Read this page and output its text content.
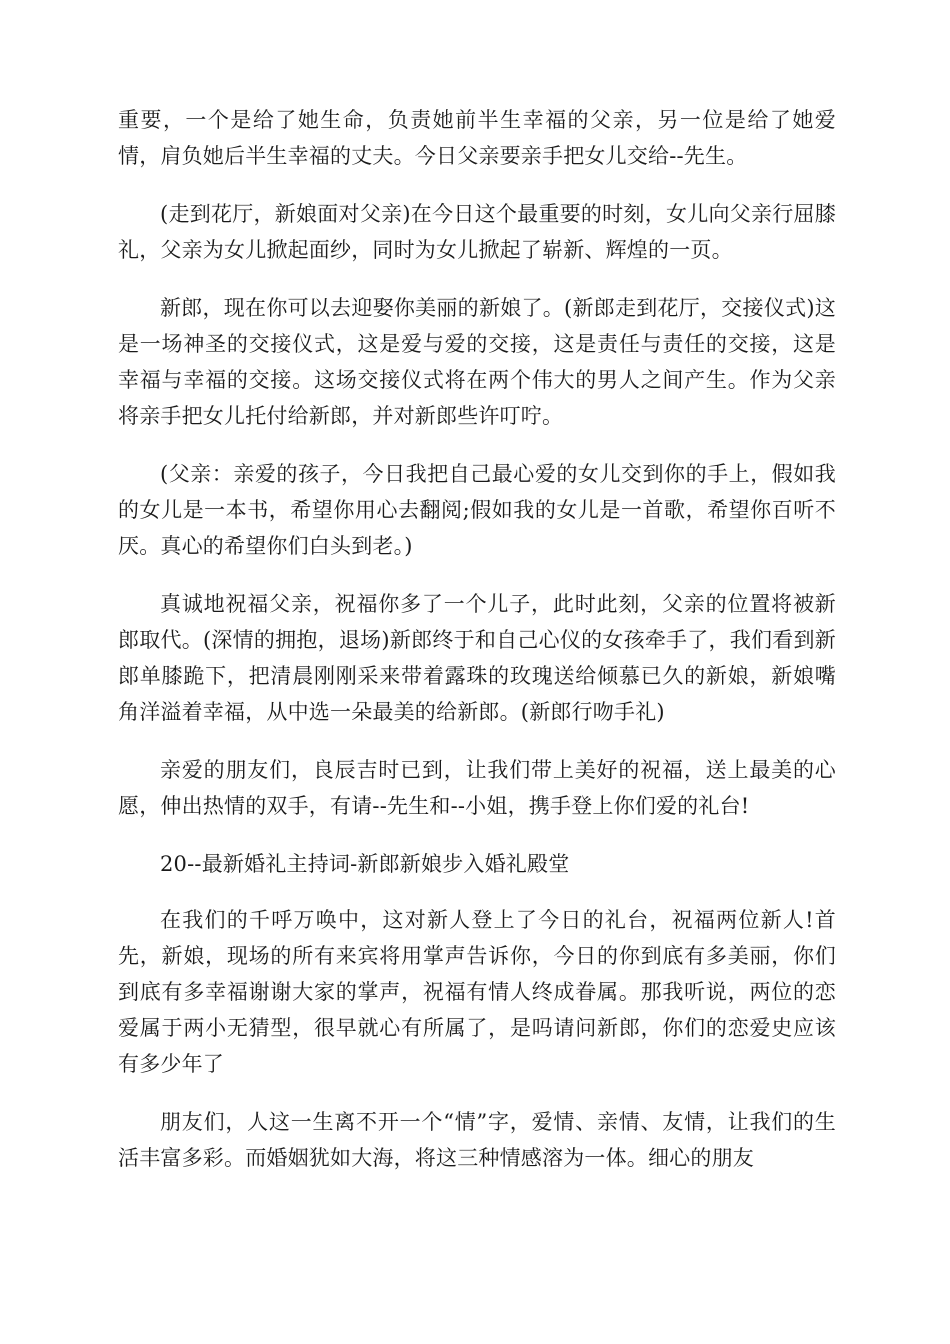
重要，一个是给了她生命，负责她前半生幸福的父亲，另一位是给了她爱情，肩负她后半生幸福的丈夫。今日父亲要亲手把女儿交给--先生。

(走到花厅，新娘面对父亲)在今日这个最重要的时刻，女儿向父亲行屈膝礼，父亲为女儿掀起面纱，同时为女儿掀起了崭新、辉煌的一页。

新郎，现在你可以去迎娶你美丽的新娘了。(新郎走到花厅，交接仪式)这是一场神圣的交接仪式，这是爱与爱的交接，这是责任与责任的交接，这是幸福与幸福的交接。这场交接仪式将在两个伟大的男人之间产生。作为父亲将亲手把女儿托付给新郎，并对新郎些许叮咛。

(父亲：亲爱的孩子，今日我把自己最心爱的女儿交到你的手上，假如我的女儿是一本书，希望你用心去翻阅;假如我的女儿是一首歌，希望你百听不厌。真心的希望你们白头到老。)

真诚地祝福父亲，祝福你多了一个儿子，此时此刻，父亲的位置将被新郎取代。(深情的拥抱，退场)新郎终于和自己心仪的女孩牵手了，我们看到新郎单膝跪下，把清晨刚刚采来带着露珠的玫瑰送给倾慕已久的新娘，新娘嘴角洋溢着幸福，从中选一朵最美的给新郎。(新郎行吻手礼)

亲爱的朋友们，良辰吉时已到，让我们带上美好的祝福，送上最美的心愿，伸出热情的双手，有请--先生和--小姐，携手登上你们爱的礼台!

20--最新婚礼主持词-新郎新娘步入婚礼殿堂

在我们的千呼万唤中，这对新人登上了今日的礼台，祝福两位新人!首先，新娘，现场的所有来宾将用掌声告诉你，今日的你到底有多美丽，你们到底有多幸福谢谢大家的掌声，祝福有情人终成眷属。那我听说，两位的恋爱属于两小无猜型，很早就心有所属了，是吗请问新郎，你们的恋爱史应该有多少年了

朋友们，人这一生离不开一个“情”字，爱情、亲情、友情，让我们的生活丰富多彩。而婚姻犹如大海，将这三种情感溶为一体。细心的朋友
